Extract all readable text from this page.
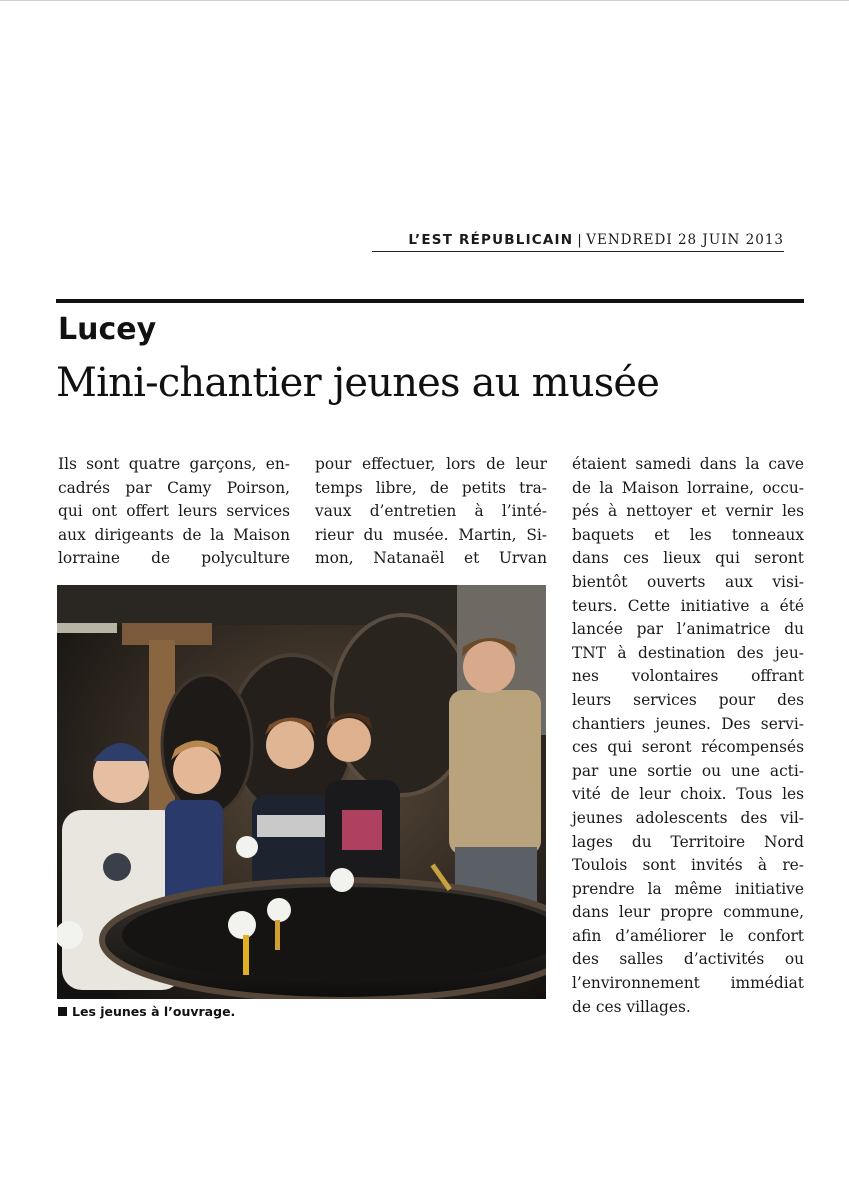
L’EST RÉPUBLICAIN | VENDREDI 28 JUIN 2013
Lucey
Mini-chantier jeunes au musée
Ils sont quatre garçons, en-
cadrés par Camy Poirson,
qui ont offert leurs services
aux dirigeants de la Maison
lorraine de polyculture
pour effectuer, lors de leur
temps libre, de petits tra-
vaux d’entretien à l’inté-
rieur du musée. Martin, Si-
mon, Natanaël et Urvan
étaient samedi dans la cave
de la Maison lorraine, occu-
pés à nettoyer et vernir les
baquets et les tonneaux
dans ces lieux qui seront
bientôt ouverts aux visi-
teurs. Cette initiative a été
lancée par l’animatrice du
TNT à destination des jeu-
nes volontaires offrant
leurs services pour des
chantiers jeunes. Des servi-
ces qui seront récompensés
par une sortie ou une acti-
vité de leur choix. Tous les
jeunes adolescents des vil-
lages du Territoire Nord
Toulois sont invités à re-
prendre la même initiative
dans leur propre commune,
afin d’améliorer le confort
des salles d’activités ou
l’environnement immédiat
de ces villages.
Les jeunes à l’ouvrage.
